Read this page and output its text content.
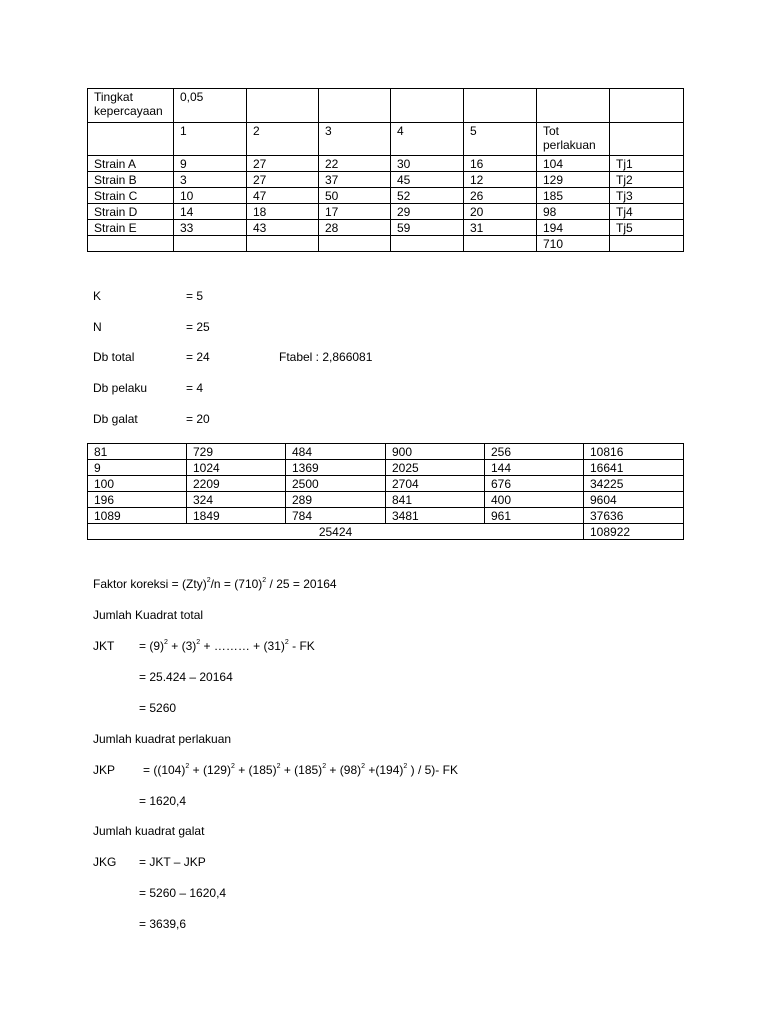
Tingkat kepercayaan	0,05						
	1	2	3	4	5	Tot perlakuan	
Strain A	9	27	22	30	16	104	Tj1
Strain B	3	27	37	45	12	129	Tj2
Strain C	10	47	50	52	26	185	Tj3
Strain D	14	18	17	29	20	98	Tj4
Strain E	33	43	28	59	31	194	Tj5
						710	
K	= 5
N	= 25
Db total	= 24	Ftabel : 2,866081
Db pelaku	= 4
Db galat	= 20
81	729	484	900	256	10816
9	1024	1369	2025	144	16641
100	2209	2500	2704	676	34225
196	324	289	841	400	9604
1089	1849	784	3481	961	37636
25424					108922
Faktor koreksi = $(Zty)^2/n = (710)^2 / 25 = 20164$
Jumlah Kuadrat total
JKT = $(9)^2 + (3)^2$ + ……… + $(31)^2$ - FK
= 25.424 – 20164
= 5260
Jumlah kuadrat perlakuan
JKP = ($(104)^2 + (129)^2 + (185)^2 + (185)^2 + (98)^2 +(194)^2$ ) / 5)- FK
= 1620,4
Jumlah kuadrat galat
JKG = JKT – JKP
= 5260 – 1620,4
= 3639,6
